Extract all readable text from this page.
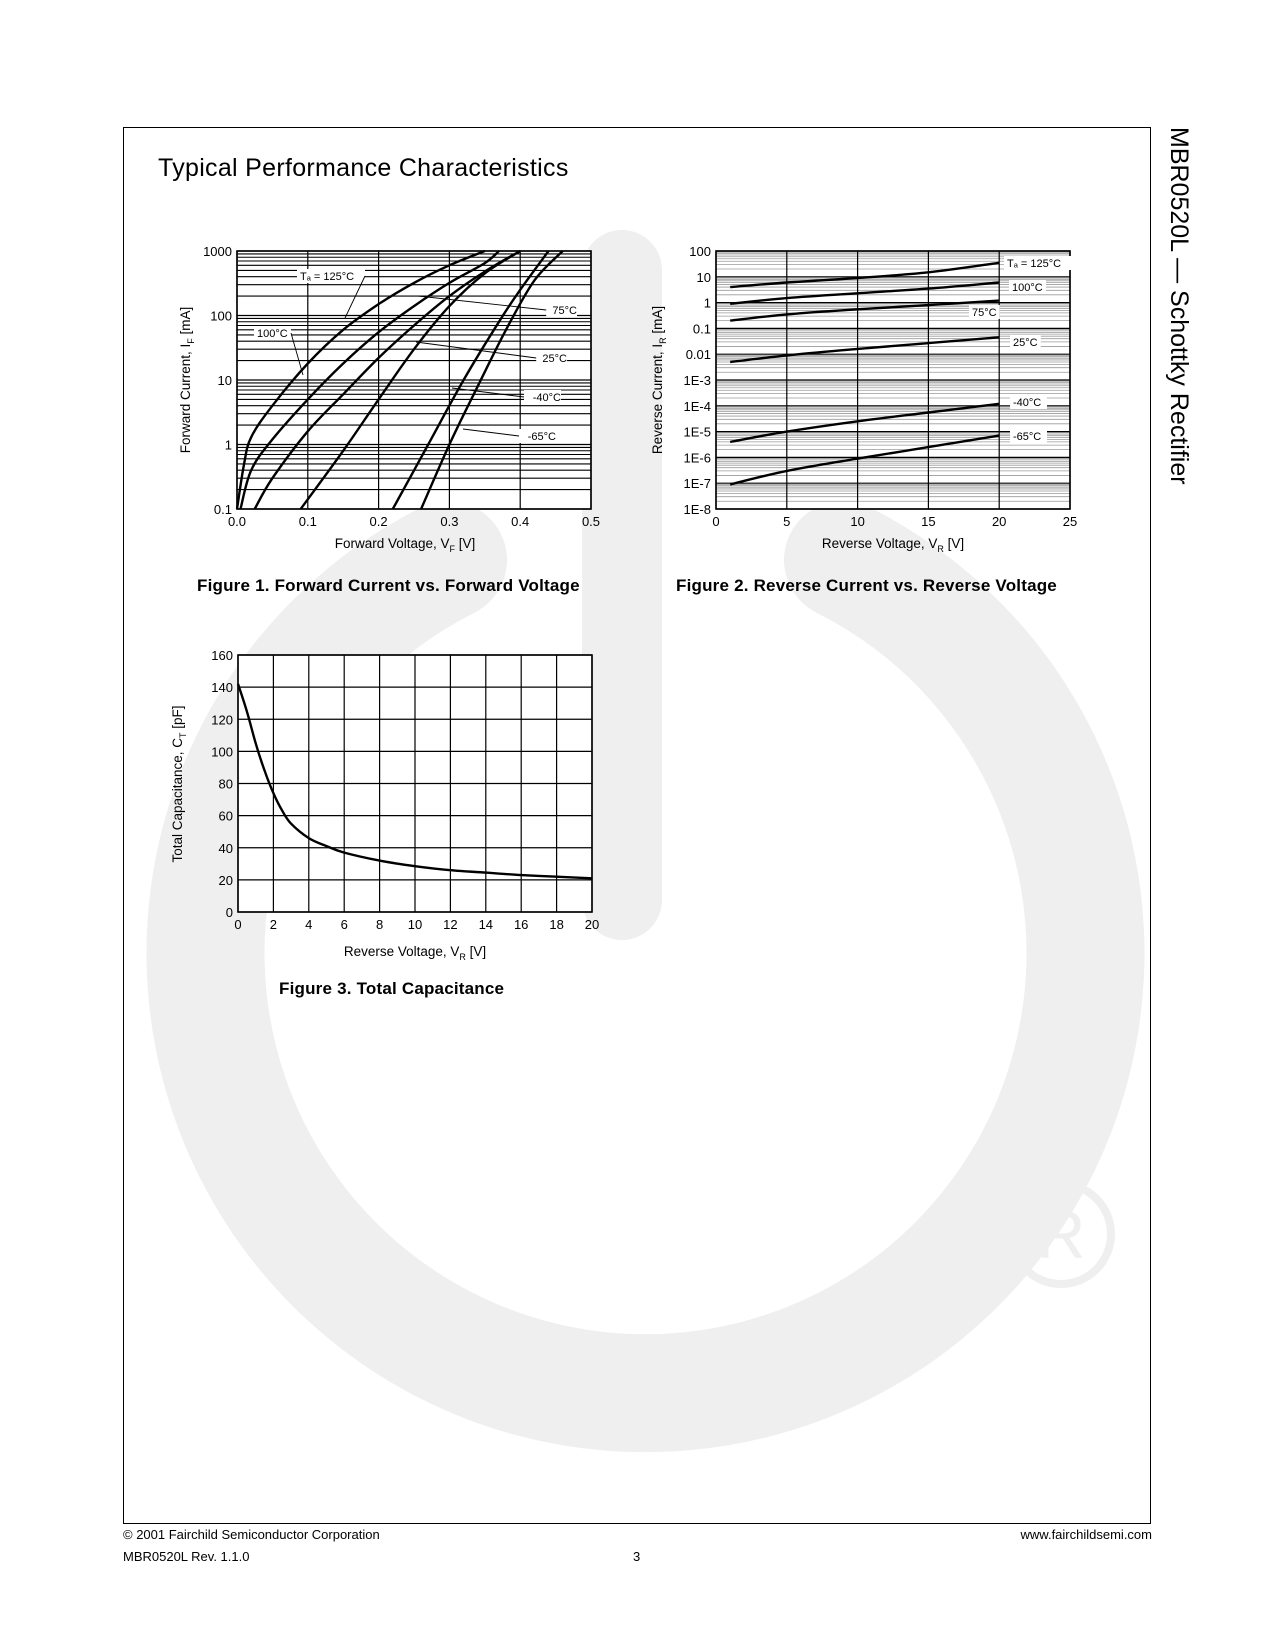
R
Typical Performance Characteristics	MBR0520L — Schottky Rectifier
0.1
1
10
100
1000
0.0	0.1	0.2	0.3	0.4	0.5
Forward Voltage, $V_F$ [V]
Forward Current, $I_F$ [mA]
Tₐ = 125°C
100°C
75°C
25°C
-40°C
-65°C
1E-8
1E-7
1E-6
1E-5
1E-4
1E-3
0.01
0.1
1
10
100
0	5	10	15	20	25
Reverse Voltage, $V_R$ [V]
Reverse Current, $I_R$ [mA]
Tₐ = 125°C
100°C
75°C
25°C
-40°C
-65°C
0
20
40
60
80
100
120
140
160
0 2 4 6 8 10 12 14 16 18 20
Reverse Voltage, $V_R$ [V]
Total Capacitance, $C_T$ [pF]

Figure 1. Forward Current vs. Forward Voltage	Figure 2. Reverse Current vs. Reverse Voltage

Figure 3. Total Capacitance

© 2001 Fairchild Semiconductor Corporation
MBR0520L Rev. 1.1.0	3
www.fairchildsemi.com
